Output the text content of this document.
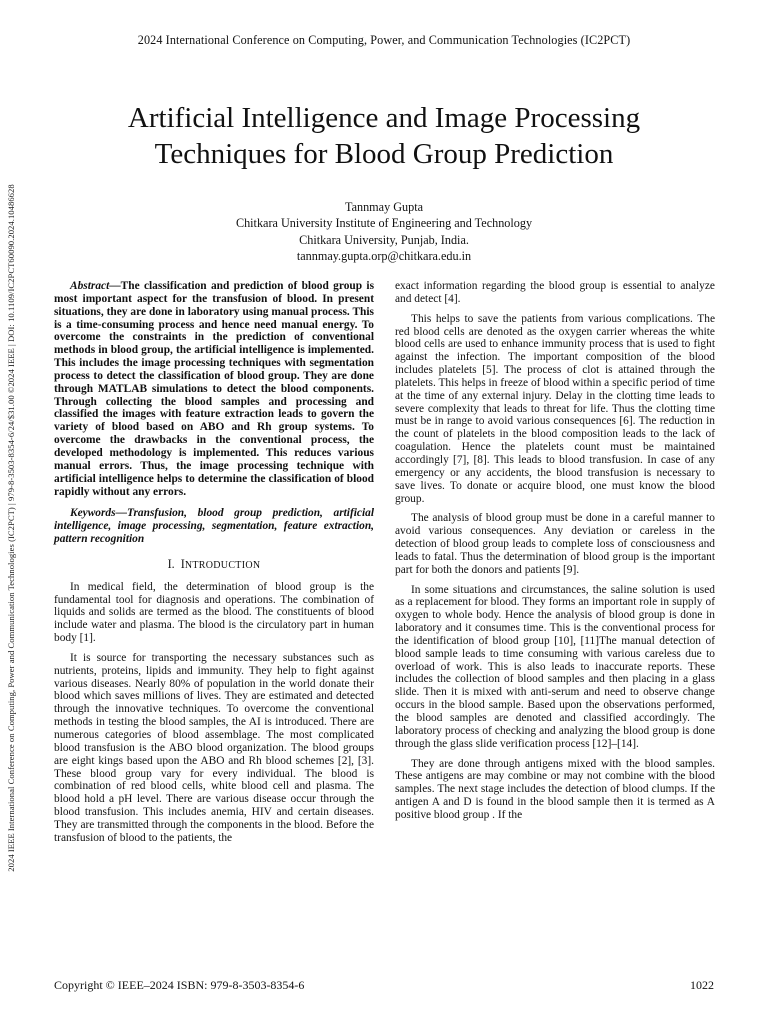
2024 International Conference on Computing, Power, and Communication Technologies (IC2PCT)
2024 IEEE International Conference on Computing, Power and Communication Technologies (IC2PCT) | 979-8-3503-8354-6/24/$31.00 ©2024 IEEE | DOI: 10.1109/IC2PCT60090.2024.10486628
Artificial Intelligence and Image Processing
Techniques for Blood Group Prediction
Tannmay Gupta
Chitkara University Institute of Engineering and Technology
Chitkara University, Punjab, India.
tannmay.gupta.orp@chitkara.edu.in

Abstract—The classification and prediction of blood group is most important aspect for the transfusion of blood. In present situations, they are done in laboratory using manual process. This is a time-consuming process and hence need manual energy. To overcome the constraints in the prediction of conventional methods in blood group, the artificial intelligence is implemented. This includes the image processing techniques with segmentation process to detect the classification of blood group. They are done through MATLAB simulations to detect the blood components. Through collecting the blood samples and processing and classified the images with feature extraction leads to govern the variety of blood based on ABO and Rh group systems. To overcome the drawbacks in the conventional process, the developed methodology is implemented. This reduces various manual errors. Thus, the image processing technique with artificial intelligence helps to determine the classification of blood rapidly without any errors.

Keywords—Transfusion, blood group prediction, artificial intelligence, image processing, segmentation, feature extraction, pattern recognition

I. INTRODUCTION

In medical field, the determination of blood group is the fundamental tool for diagnosis and operations. The combination of liquids and solids are termed as the blood. The constituents of blood include water and plasma. The blood is the circulatory part in human body [1].

It is source for transporting the necessary substances such as nutrients, proteins, lipids and immunity. They help to fight against various diseases. Nearly 80% of population in the world donate their blood which saves millions of lives. They are estimated and detected through the innovative techniques. To overcome the conventional methods in testing the blood samples, the AI is introduced. There are numerous categories of blood assemblage. The most complicated blood transfusion is the ABO blood organization. The blood groups are eight kings based upon the ABO and Rh blood schemes [2], [3]. These blood group vary for every individual. The blood is combination of red blood cells, white blood cell and plasma. The blood hold a pH level. There are various disease occur through the blood transfusion. This includes anemia, HIV and certain diseases. They are transmitted through the components in the blood. Before the transfusion of blood to the patients, the

exact information regarding the blood group is essential to analyze and detect [4].

This helps to save the patients from various complications. The red blood cells are denoted as the oxygen carrier whereas the white blood cells are used to enhance immunity process that is used to fight against the infection. The important composition of the blood includes platelets [5]. The process of clot is attained through the platelets. This helps in freeze of blood within a specific period of time at the time of any external injury. Delay in the clotting time leads to severe complexity that leads to threat for life. Thus the clotting time must be in range to avoid various consequences [6]. The reduction in the count of platelets in the blood composition leads to the lack of coagulation. Hence the platelets count must be maintained accordingly [7], [8]. This leads to blood transfusion. In case of any emergency or any accidents, the blood transfusion is necessary to save lives. To donate or acquire blood, one must know the blood group.

The analysis of blood group must be done in a careful manner to avoid various consequences. Any deviation or careless in the detection of blood group leads to complete loss of consciousness and leads to fatal. Thus the determination of blood group is the important part for both the donors and patients [9].

In some situations and circumstances, the saline solution is used as a replacement for blood. They forms an important role in supply of oxygen to whole body. Hence the analysis of blood group is done in laboratory and it consumes time. This is the conventional process for the identification of blood group [10], [11]The manual detection of blood sample leads to time consuming with various careless due to overload of work. This is also leads to inaccurate reports. These includes the collection of blood samples and then placing in a glass slide. Then it is mixed with anti-serum and need to observe change occurs in the blood sample. Based upon the observations performed, the blood samples are denoted and classified accordingly. The laboratory process of checking and analyzing the blood group is done through the glass slide verification process [12]–[14].

They are done through antigens mixed with the blood samples. These antigens are may combine or may not combine with the blood samples. The next stage includes the detection of blood clumps. If the antigen A and D is found in the blood sample then it is termed as A positive blood group . If the

Copyright © IEEE–2024 ISBN: 979-8-3503-8354-6	1022
